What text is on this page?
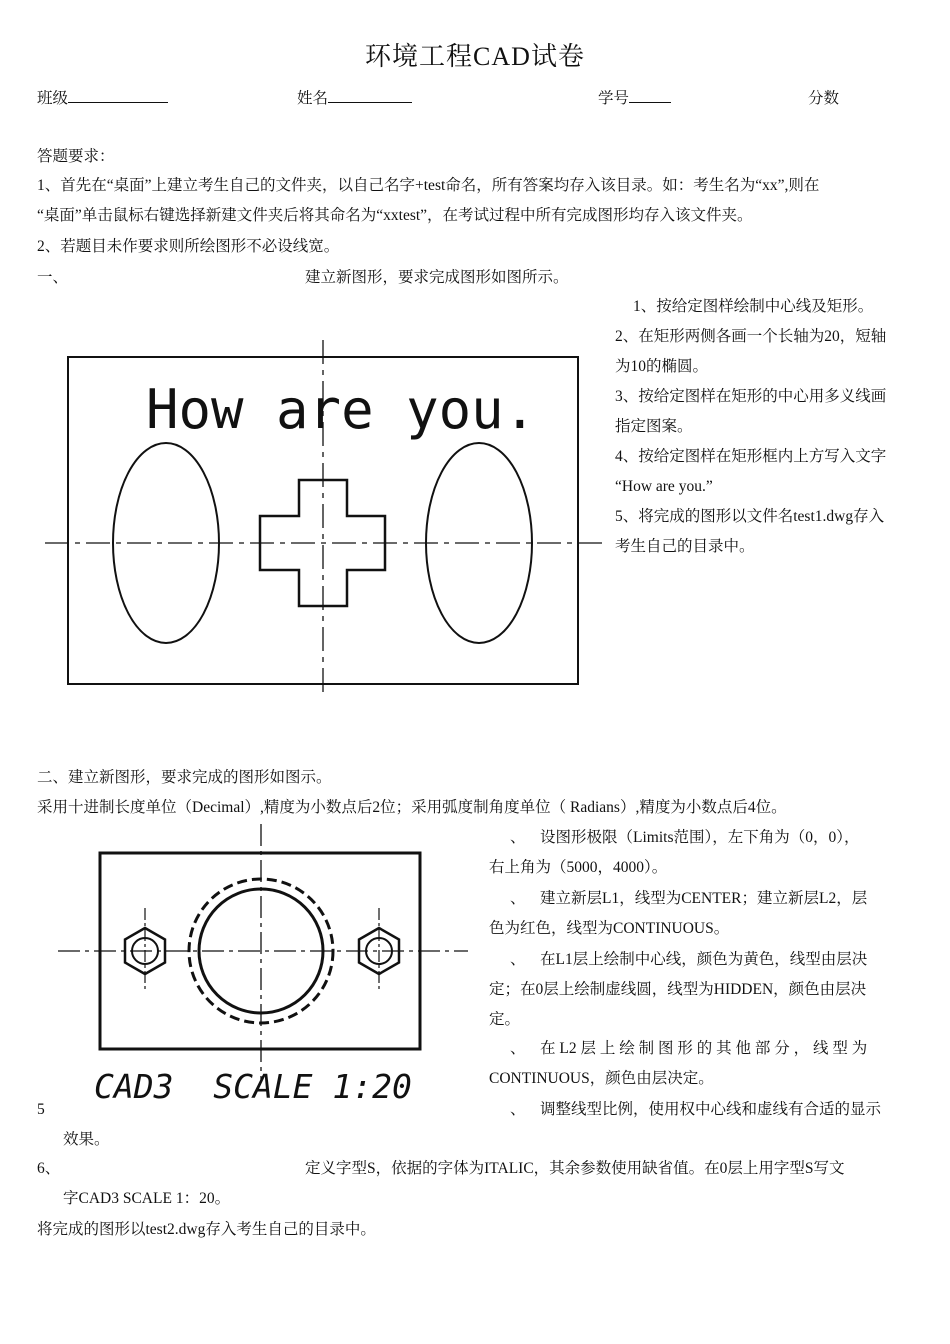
环境工程CAD试卷
班级	姓名	学号	分数
答题要求：
1、首先在“桌面”上建立考生自己的文件夹，以自己名字+test命名，所有答案均存入该目录。如：考生名为“xx”,则在
“桌面”单击鼠标右键选择新建文件夹后将其命名为“xxtest”，在考试过程中所有完成图形均存入该文件夹。
2、若题目未作要求则所绘图形不必设线宽。
一、	建立新图形，要求完成图形如图所示。
1、按给定图样绘制中心线及矩形。
2、在矩形两侧各画一个长轴为20，短轴
为10的椭圆。
3、按给定图样在矩形的中心用多义线画
指定图案。
4、按给定图样在矩形框内上方写入文字
“How are you.”
5、将完成的图形以文件名test1.dwg存入
考生自己的目录中。
How are you.
二、建立新图形，要求完成的图形如图示。
采用十进制长度单位（Decimal）,精度为小数点后2位；采用弧度制角度单位（ Radians）,精度为小数点后4位。
、 设图形极限（Limits范围），左下角为（0，0），
右上角为（5000，4000）。
、 建立新层L1，线型为CENTER；建立新层L2，层
色为红色，线型为CONTINUOUS。
、 在L1层上绘制中心线，颜色为黄色，线型由层决
定；在0层上绘制虚线圆，线型为HIDDEN，颜色由层决
定。
、 在 L2 层 上 绘 制 图 形 的 其 他 部 分 ， 线 型 为
CONTINUOUS，颜色由层决定。
5	、 调整线型比例，使用权中心线和虚线有合适的显示
效果。
6、	定义字型S，依据的字体为ITALIC，其余参数使用缺省值。在0层上用字型S写文
字CAD3 SCALE 1：20。
将完成的图形以test2.dwg存入考生自己的目录中。
CAD3  SCALE 1:20
